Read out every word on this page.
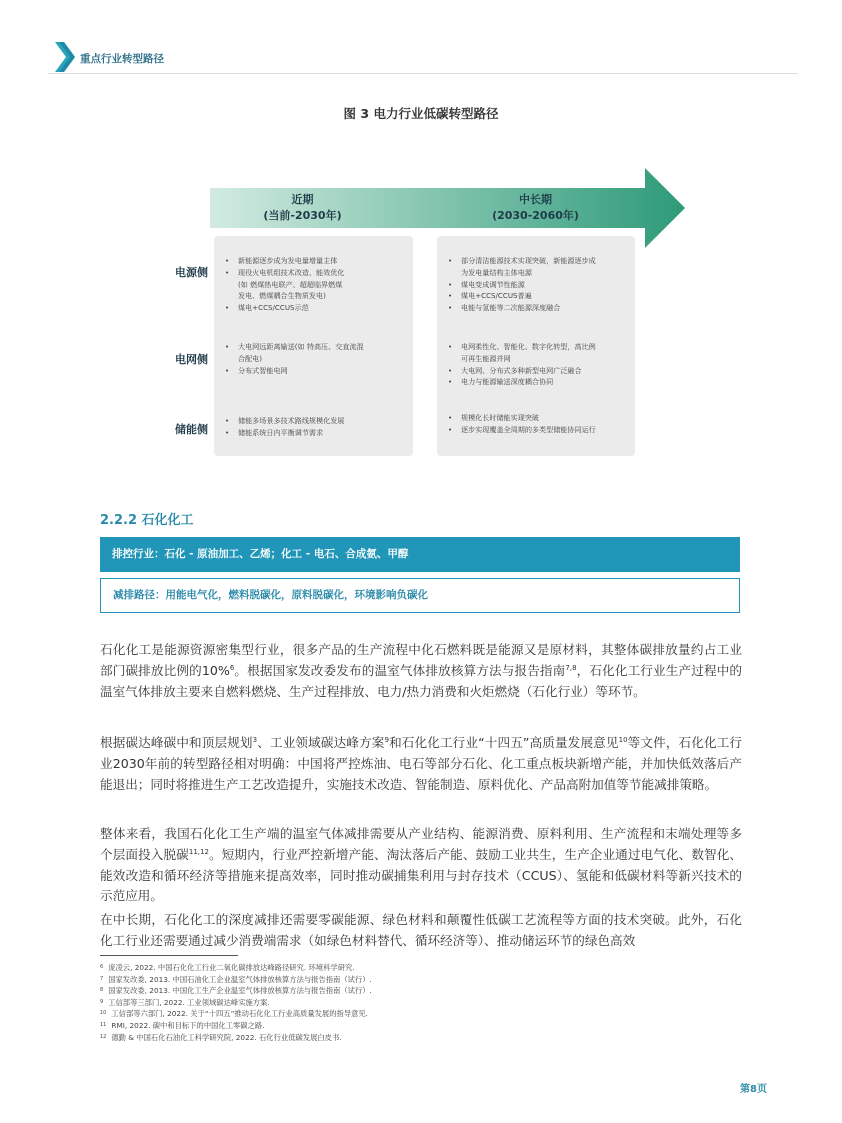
重点行业转型路径
图 3 电力行业低碳转型路径
近期
(当前-2030年)
中长期
(2030-2060年)
电源侧
电网侧
储能侧
• 新能源逐步成为发电量增量主体
• 现役火电机组技术改造、能效优化
(如 燃煤热电联产、超超临界燃煤
发电、燃煤耦合生物质发电)
• 煤电+CCS/CCUS示范
• 大电网远距离输送(如 特高压、交直流混
合配电)
• 分布式智能电网
• 储能多场景多技术路线规模化发展
• 储能系统日内平衡调节需求
• 部分清洁能源技术实现突破，新能源逐步成
为发电量结构主体电源
• 煤电变成调节性能源
• 煤电+CCS/CCUS普遍
• 电能与氢能等二次能源深度融合
• 电网柔性化、智能化、数字化转型，高比例
可再生能源并网
• 大电网、分布式多种新型电网广泛融合
• 电力与能源输送深度耦合协同
• 规模化长时储能实现突破
• 逐步实现覆盖全周期的多类型储能协同运行
2.2.2 石化化工
排控行业：石化 - 原油加工、乙烯；化工 - 电石、合成氨、甲醇
减排路径：用能电气化，燃料脱碳化，原料脱碳化，环境影响负碳化

石化化工是能源资源密集型行业，很多产品的生产流程中化石燃料既是能源又是原材料，其整体碳排放量约占工业部门碳排放比例的10%$^6$。根据国家发改委发布的温室气体排放核算方法与报告指南$^{7,8}$，石化化工行业生产过程中的温室气体排放主要来自燃料燃烧、生产过程排放、电力/热力消费和火炬燃烧（石化行业）等环节。

根据碳达峰碳中和顶层规划$^3$、工业领域碳达峰方案$^9$和石化化工行业“十四五”高质量发展意见$^{10}$等文件，石化化工行业2030年前的转型路径相对明确：中国将严控炼油、电石等部分石化、化工重点板块新增产能，并加快低效落后产能退出；同时将推进生产工艺改造提升，实施技术改造、智能制造、原料优化、产品高附加值等节能减排策略。

整体来看，我国石化化工生产端的温室气体减排需要从产业结构、能源消费、原料利用、生产流程和末端处理等多个层面投入脱碳$^{11,12}$。短期内，行业严控新增产能、淘汰落后产能、鼓励工业共生，生产企业通过电气化、数智化、能效改造和循环经济等措施来提高效率，同时推动碳捕集利用与封存技术（CCUS）、氢能和低碳材料等新兴技术的示范应用。

在中长期，石化化工的深度减排还需要零碳能源、绿色材料和颠覆性低碳工艺流程等方面的技术突破。此外，石化化工行业还需要通过减少消费端需求（如绿色材料替代、循环经济等）、推动储运环节的绿色高效

$^6$ 庞凌云, 2022. 中国石化化工行业二氧化碳排放达峰路径研究. 环境科学研究.
$^7$ 国家发改委, 2013. 中国石油化工企业温室气体排放核算方法与报告指南（试行）.
$^8$ 国家发改委, 2013. 中国化工生产企业温室气体排放核算方法与报告指南（试行）.
$^9$ 工信部等三部门, 2022. 工业领域碳达峰实施方案.
$^{10}$ 工信部等六部门, 2022. 关于“十四五”推动石化化工行业高质量发展的指导意见.
$^{11}$ RMI, 2022. 碳中和目标下的中国化工零碳之路.
$^{12}$ 德勤 & 中国石化石油化工科学研究院, 2022. 石化行业低碳发展白皮书.
第8页
